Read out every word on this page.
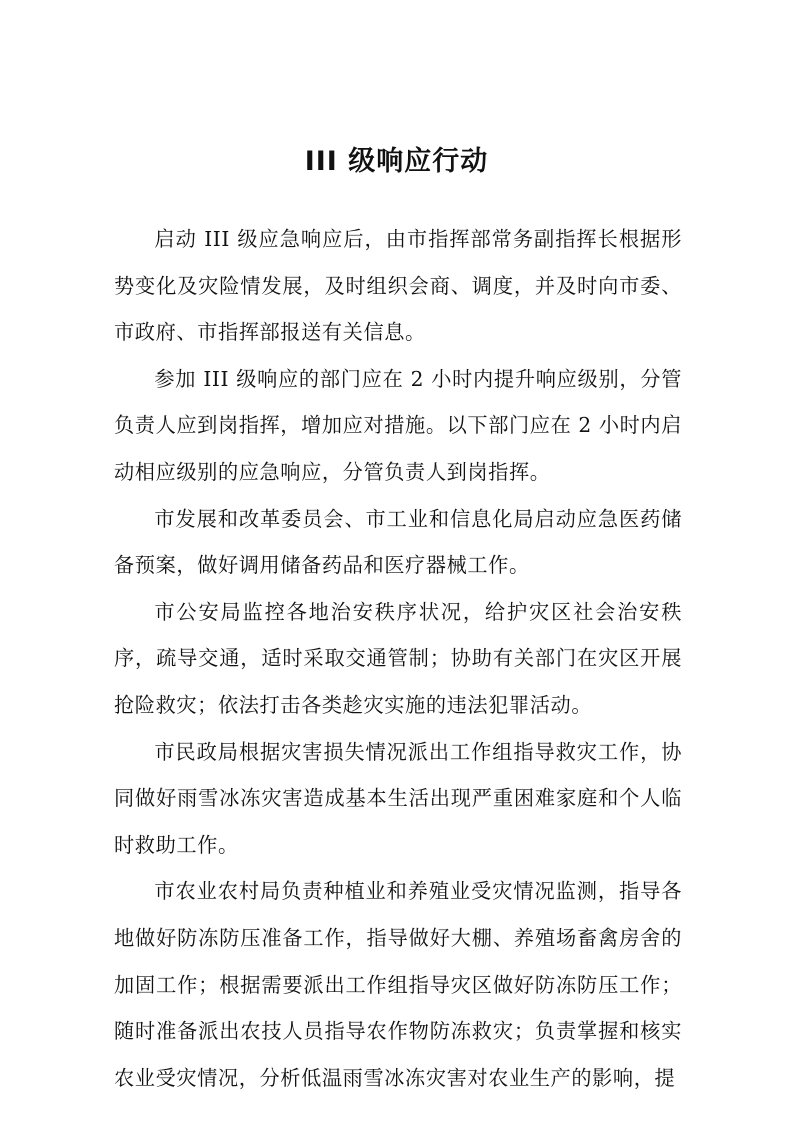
III 级响应行动

启动 III 级应急响应后，由市指挥部常务副指挥长根据形势变化及灾险情发展，及时组织会商、调度，并及时向市委、市政府、市指挥部报送有关信息。

参加 III 级响应的部门应在 2 小时内提升响应级别，分管负责人应到岗指挥，增加应对措施。以下部门应在 2 小时内启动相应级别的应急响应，分管负责人到岗指挥。

市发展和改革委员会、市工业和信息化局启动应急医药储备预案，做好调用储备药品和医疗器械工作。

市公安局监控各地治安秩序状况，给护灾区社会治安秩序，疏导交通，适时采取交通管制；协助有关部门在灾区开展抢险救灾；依法打击各类趁灾实施的违法犯罪活动。

市民政局根据灾害损失情况派出工作组指导救灾工作，协同做好雨雪冰冻灾害造成基本生活出现严重困难家庭和个人临时救助工作。

市农业农村局负责种植业和养殖业受灾情况监测，指导各地做好防冻防压准备工作，指导做好大棚、养殖场畜禽房舍的加固工作；根据需要派出工作组指导灾区做好防冻防压工作；随时准备派出农技人员指导农作物防冻救灾；负责掌握和核实农业受灾情况，分析低温雨雪冰冻灾害对农业生产的影响，提
